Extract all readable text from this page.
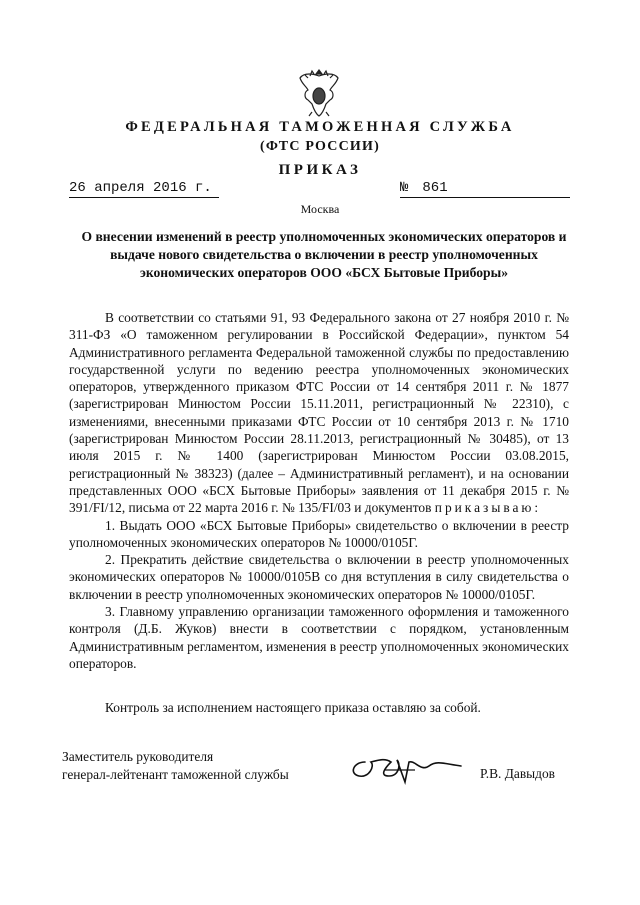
ФЕДЕРАЛЬНАЯ ТАМОЖЕННАЯ СЛУЖБА
(ФТС РОССИИ)
ПРИКАЗ
26 апреля 2016 г.	№ 861
Москва
О внесении изменений в реестр уполномоченных экономических операторов и выдаче нового свидетельства о включении в реестр уполномоченных экономических операторов ООО «БСХ Бытовые Приборы»

В соответствии со статьями 91, 93 Федерального закона от 27 ноября 2010 г. № 311-ФЗ «О таможенном регулировании в Российской Федерации», пунктом 54 Административного регламента Федеральной таможенной службы по предоставлению государственной услуги по ведению реестра уполномоченных экономических операторов, утвержденного приказом ФТС России от 14 сентября 2011 г. № 1877 (зарегистрирован Минюстом России 15.11.2011, регистрационный № 22310), с изменениями, внесенными приказами ФТС России от 10 сентября 2013 г. № 1710 (зарегистрирован Минюстом России 28.11.2013, регистрационный № 30485), от 13 июля 2015 г. № 1400 (зарегистрирован Минюстом России 03.08.2015, регистрационный № 38323) (далее – Административный регламент), и на основании представленных ООО «БСХ Бытовые Приборы» заявления от 11 декабря 2015 г. № 391/FI/12, письма от 22 марта 2016 г. № 135/FI/03 и документов приказываю:

1. Выдать ООО «БСХ Бытовые Приборы» свидетельство о включении в реестр уполномоченных экономических операторов № 10000/0105Г.

2. Прекратить действие свидетельства о включении в реестр уполномоченных экономических операторов № 10000/0105В со дня вступления в силу свидетельства о включении в реестр уполномоченных экономических операторов № 10000/0105Г.

3. Главному управлению организации таможенного оформления и таможенного контроля (Д.Б. Жуков) внести в соответствии с порядком, установленным Административным регламентом, изменения в реестр уполномоченных экономических операторов.

Контроль за исполнением настоящего приказа оставляю за собой.
Заместитель руководителя
генерал-лейтенант таможенной службы	Р.В. Давыдов
